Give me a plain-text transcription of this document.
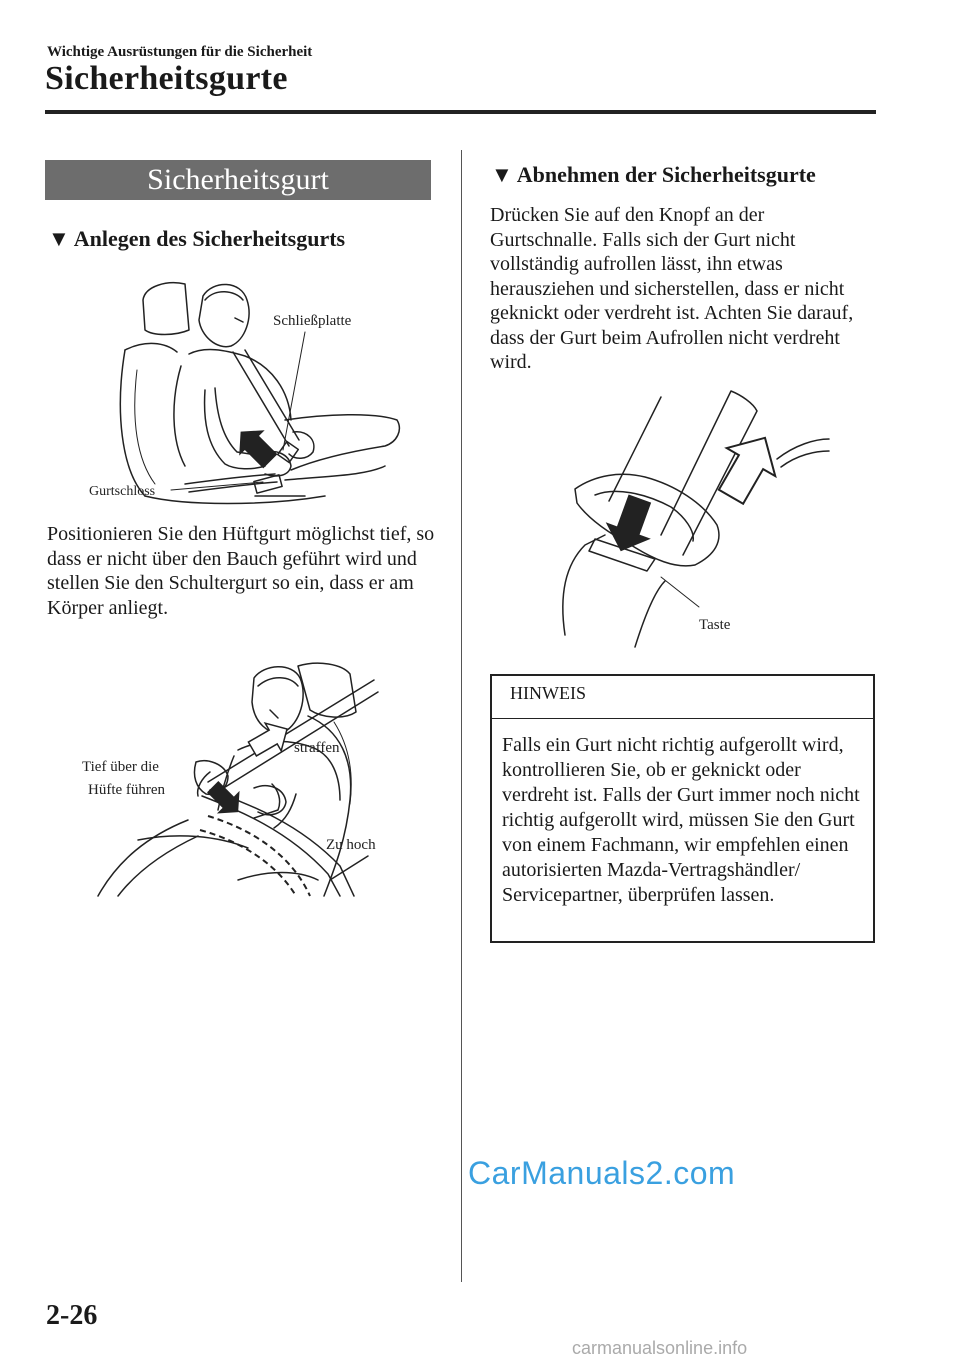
Wichtige Ausrüstungen für die Sicherheit
Sicherheitsgurte
Sicherheitsgurt
▼ Anlegen des Sicherheitsgurts
Schließplatte
Gurtschloss
Positionieren Sie den Hüftgurt möglichst tief, so dass er nicht über den Bauch geführt wird und stellen Sie den Schultergurt so ein, dass er am Körper anliegt.
Tief über die
Hüfte führen
straffen
Zu hoch
▼ Abnehmen der Sicherheitsgurte
Drücken Sie auf den Knopf an der Gurtschnalle. Falls sich der Gurt nicht vollständig aufrollen lässt, ihn etwas herausziehen und sicherstellen, dass er nicht geknickt oder verdreht ist. Achten Sie darauf, dass der Gurt beim Aufrollen nicht verdreht wird.
Taste
HINWEIS
Falls ein Gurt nicht richtig aufgerollt wird, kontrollieren Sie, ob er geknickt oder verdreht ist. Falls der Gurt immer noch nicht richtig aufgerollt wird, müssen Sie den Gurt von einem Fachmann, wir empfehlen einen autorisierten Mazda-Vertragshändler/ Servicepartner, überprüfen lassen.
2-26
CarManuals2.com
carmanualsonline.info
